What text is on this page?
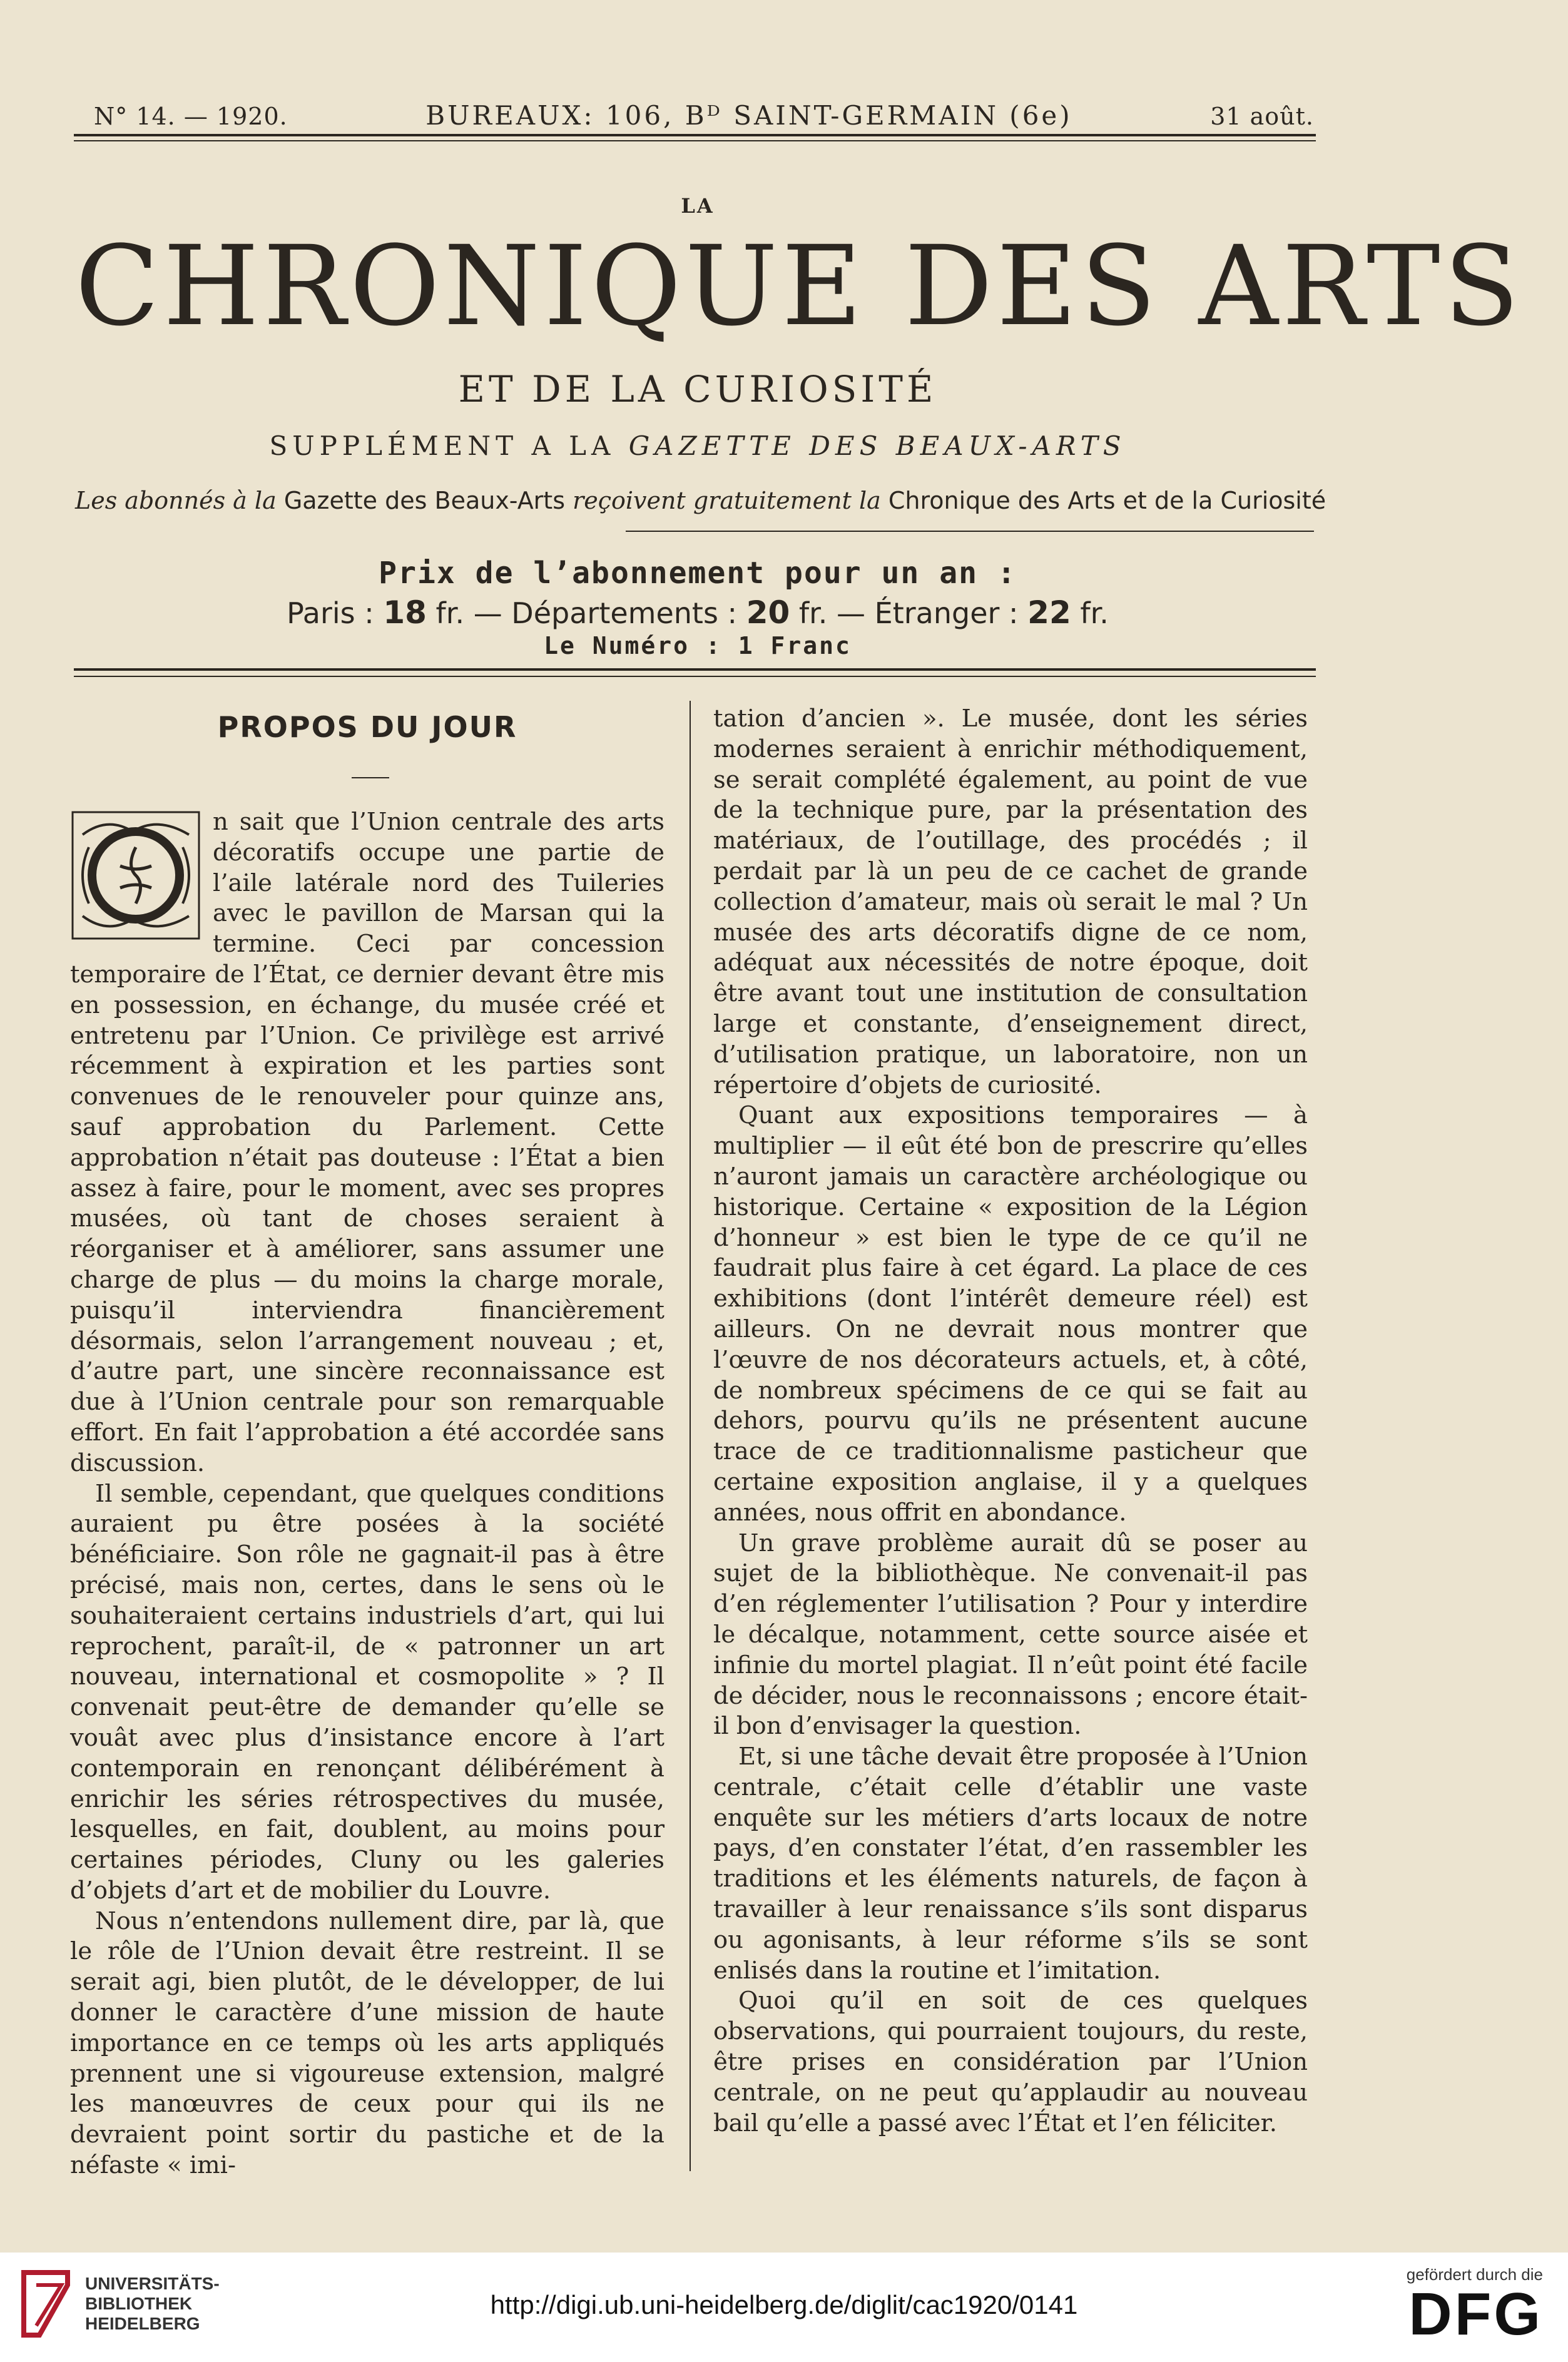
N° 14. — 1920.	BUREAUX: 106, Bᴰ SAINT-GERMAIN (6e)	31 août.
LA
CHRONIQUE DES ARTS
ET DE LA CURIOSITÉ
SUPPLÉMENT A LA GAZETTE DES BEAUX-ARTS
Les abonnés à la Gazette des Beaux-Arts reçoivent gratuitement la Chronique des Arts et de la Curiosité
Prix de l’abonnement pour un an :
Paris : 18 fr. — Départements : 20 fr. — Étranger : 22 fr.
Le Numéro : 1 Franc
PROPOS DU JOUR

n sait que l’Union centrale des arts décoratifs occupe une partie de l’aile latérale nord des Tuileries avec le pavillon de Marsan qui la termine. Ceci par concession temporaire de l’État, ce dernier devant être mis en possession, en échange, du musée créé et entretenu par l’Union. Ce privilège est arrivé récemment à expiration et les parties sont convenues de le renouveler pour quinze ans, sauf approbation du Parlement. Cette approbation n’était pas douteuse : l’État a bien assez à faire, pour le moment, avec ses propres musées, où tant de choses seraient à réorganiser et à améliorer, sans assumer une charge de plus — du moins la charge morale, puisqu’il interviendra financièrement désormais, selon l’arrangement nouveau ; et, d’autre part, une sincère reconnaissance est due à l’Union centrale pour son remarquable effort. En fait l’approbation a été accordée sans discussion.

Il semble, cependant, que quelques conditions auraient pu être posées à la société bénéficiaire. Son rôle ne gagnait-il pas à être précisé, mais non, certes, dans le sens où le souhaiteraient certains industriels d’art, qui lui reprochent, paraît-il, de « patronner un art nouveau, international et cosmopolite » ? Il convenait peut-être de demander qu’elle se vouât avec plus d’insistance encore à l’art contemporain en renonçant délibérément à enrichir les séries rétrospectives du musée, lesquelles, en fait, doublent, au moins pour certaines périodes, Cluny ou les galeries d’objets d’art et de mobilier du Louvre.

Nous n’entendons nullement dire, par là, que le rôle de l’Union devait être restreint. Il se serait agi, bien plutôt, de le développer, de lui donner le caractère d’une mission de haute importance en ce temps où les arts appliqués prennent une si vigoureuse extension, malgré les manœuvres de ceux pour qui ils ne devraient point sortir du pastiche et de la néfaste « imi-

tation d’ancien ». Le musée, dont les séries modernes seraient à enrichir méthodiquement, se serait complété également, au point de vue de la technique pure, par la présentation des matériaux, de l’outillage, des procédés ; il perdait par là un peu de ce cachet de grande collection d’amateur, mais où serait le mal ? Un musée des arts décoratifs digne de ce nom, adéquat aux nécessités de notre époque, doit être avant tout une institution de consultation large et constante, d’enseignement direct, d’utilisation pratique, un laboratoire, non un répertoire d’objets de curiosité.

Quant aux expositions temporaires — à multiplier — il eût été bon de prescrire qu’elles n’auront jamais un caractère archéologique ou historique. Certaine « exposition de la Légion d’honneur » est bien le type de ce qu’il ne faudrait plus faire à cet égard. La place de ces exhibitions (dont l’intérêt demeure réel) est ailleurs. On ne devrait nous montrer que l’œuvre de nos décorateurs actuels, et, à côté, de nombreux spécimens de ce qui se fait au dehors, pourvu qu’ils ne présentent aucune trace de ce traditionnalisme pasticheur que certaine exposition anglaise, il y a quelques années, nous offrit en abondance.

Un grave problème aurait dû se poser au sujet de la bibliothèque. Ne convenait-il pas d’en réglementer l’utilisation ? Pour y interdire le décalque, notamment, cette source aisée et infinie du mortel plagiat. Il n’eût point été facile de décider, nous le reconnaissons ; encore était-il bon d’envisager la question.

Et, si une tâche devait être proposée à l’Union centrale, c’était celle d’établir une vaste enquête sur les métiers d’arts locaux de notre pays, d’en constater l’état, d’en rassembler les traditions et les éléments naturels, de façon à travailler à leur renaissance s’ils sont disparus ou agonisants, à leur réforme s’ils se sont enlisés dans la routine et l’imitation.

Quoi qu’il en soit de ces quelques observations, qui pourraient toujours, du reste, être prises en considération par l’Union centrale, on ne peut qu’applaudir au nouveau bail qu’elle a passé avec l’État et l’en féliciter.

UNIVERSITÄTS-
BIBLIOTHEK
HEIDELBERG
http://digi.ub.uni-heidelberg.de/diglit/cac1920/0141
gefördert durch die
DFG
